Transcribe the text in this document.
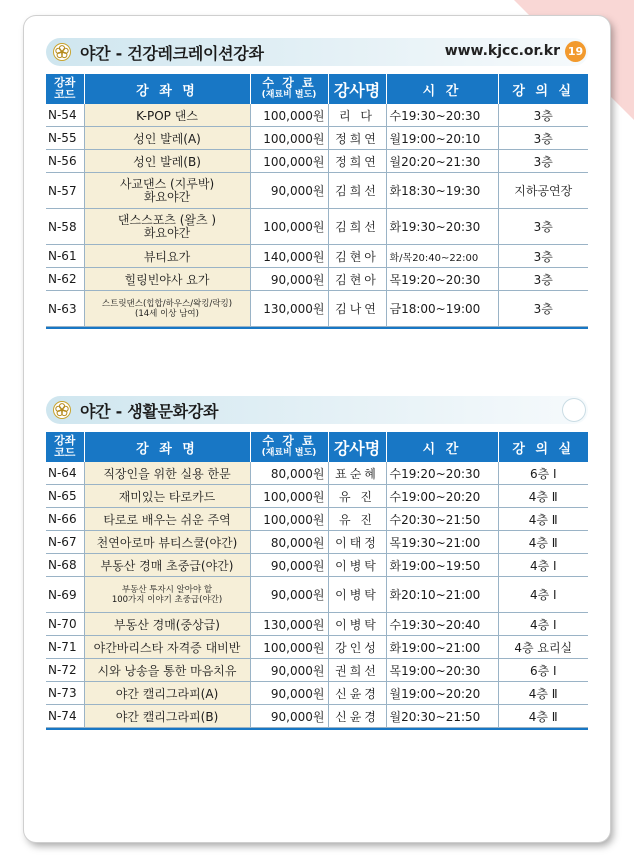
야간 - 건강레크레이션강좌	www.kjcc.or.kr 19
강좌
코드	강 좌 명	수 강 료
(재료비 별도)	강사명	시 간	강 의 실
N-54	K-POP 댄스	100,000원	리 다	수19:30~20:30	3층
N-55	성인 발레(A)	100,000원	정희연	월19:00~20:10	3층
N-56	성인 발레(B)	100,000원	정희연	월20:20~21:30	3층
N-57	사교댄스 (지루박)
화요야간	90,000원	김희선	화18:30~19:30	지하공연장
N-58	댄스스포츠 (왈츠 )
화요야간	100,000원	김희선	화19:30~20:30	3층
N-61	뷰티요가	140,000원	김현아	화/목20:40~22:00	3층
N-62	힐링빈야사 요가	90,000원	김현아	목19:20~20:30	3층
N-63	스트릿댄스(힙합/하우스/왁킹/락킹)
(14세 이상 남여)	130,000원	김나연	금18:00~19:00	3층
야간 - 생활문화강좌
강좌
코드	강 좌 명	수 강 료
(재료비 별도)	강사명	시 간	강 의 실
N-64	직장인을 위한 실용 한문	80,000원	표순혜	수19:20~20:30	6층 Ⅰ
N-65	재미있는 타로카드	100,000원	유 진	수19:00~20:20	4층 Ⅱ
N-66	타로로 배우는 쉬운 주역	100,000원	유 진	수20:30~21:50	4층 Ⅱ
N-67	천연아로마 뷰티스쿨(야간)	80,000원	이태정	목19:30~21:00	4층 Ⅱ
N-68	부동산 경매 초중급(야간)	90,000원	이병탁	화19:00~19:50	4층 Ⅰ
N-69	부동산 투자시 알아야 할
100가지 이야기 초중급(야간)	90,000원	이병탁	화20:10~21:00	4층 Ⅰ
N-70	부동산 경매(중상급)	130,000원	이병탁	수19:30~20:40	4층 Ⅰ
N-71	야간바리스타 자격증 대비반	100,000원	강인성	화19:00~21:00	4층 요리실
N-72	시와 낭송을 통한 마음치유	90,000원	권희선	목19:00~20:30	6층 Ⅰ
N-73	야간 캘리그라피(A)	90,000원	신윤경	월19:00~20:20	4층 Ⅱ
N-74	야간 캘리그라피(B)	90,000원	신윤경	월20:30~21:50	4층 Ⅱ
